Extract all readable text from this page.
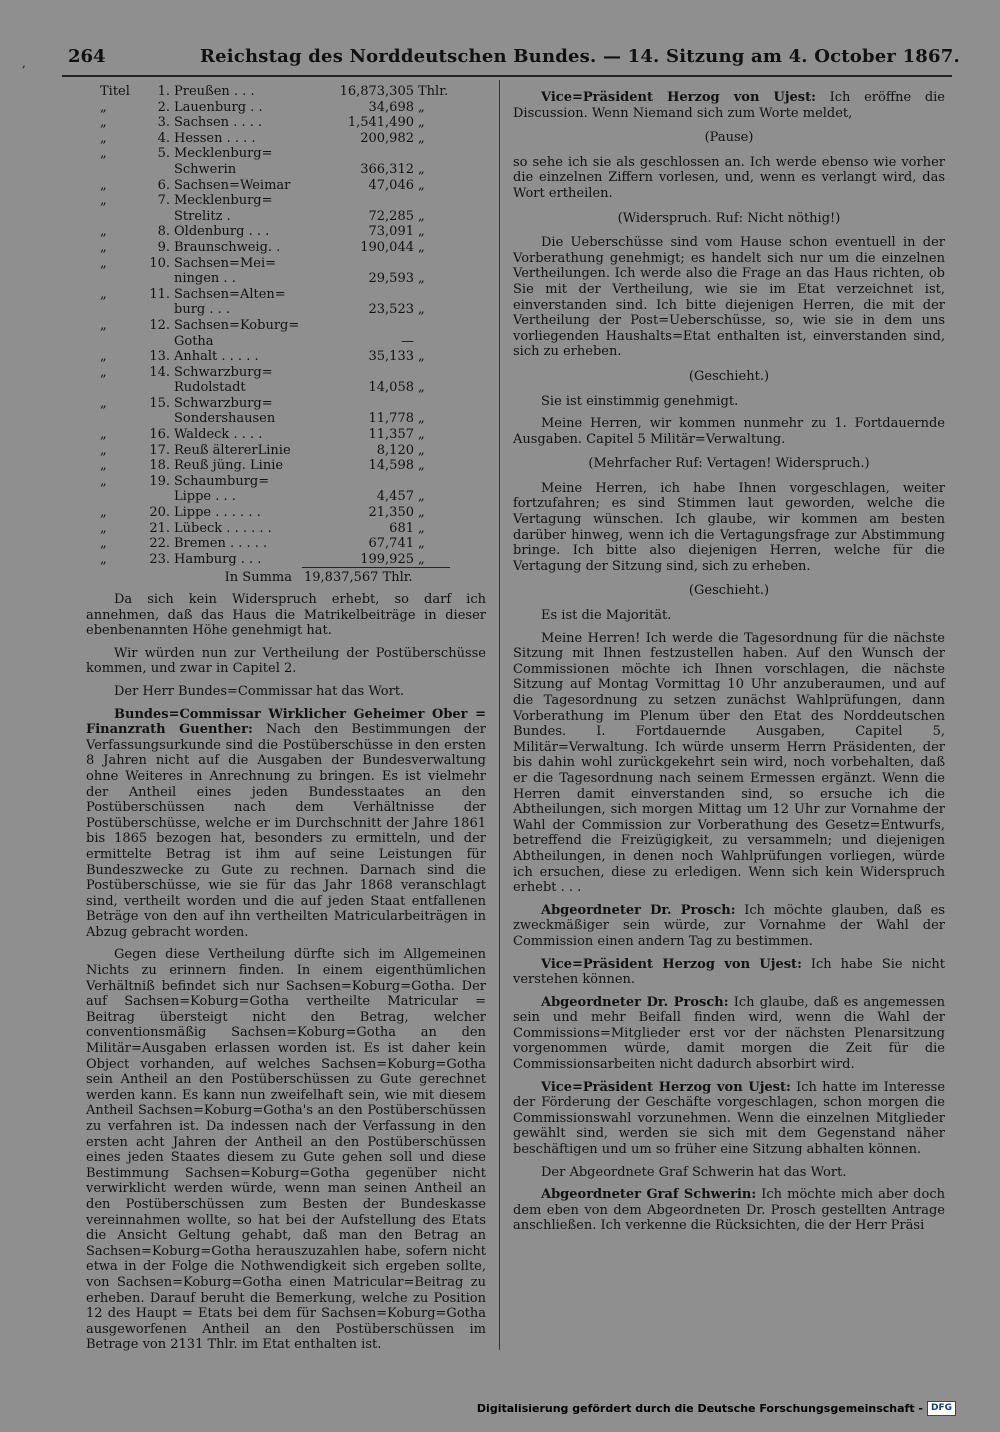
, 264	Reichstag des Norddeutschen Bundes. — 14. Sitzung am 4. October 1867.
Titel	1.	Preußen . . .	16,873,305	Thlr.
„	2.	Lauenburg . .	34,698	„
„	3.	Sachsen . . . .	1,541,490	„
„	4.	Hessen . . . .	200,982	„
„	5.	Mecklenburg=		
		Schwerin	366,312	„
„	6.	Sachsen=Weimar	47,046	„
„	7.	Mecklenburg=		
		Strelitz .	72,285	„
„	8.	Oldenburg . . .	73,091	„
„	9.	Braunschweig. .	190,044	„
„	10.	Sachsen=Mei=		
		ningen . .	29,593	„
„	11.	Sachsen=Alten=		
		burg . . .	23,523	„
„	12.	Sachsen=Koburg=		
		Gotha	—	
„	13.	Anhalt . . . . .	35,133	„
„	14.	Schwarzburg=		
		Rudolstadt	14,058	„
„	15.	Schwarzburg=		
		Sondershausen	11,778	„
„	16.	Waldeck . . . .	11,357	„
„	17.	Reuß ältererLinie	8,120	„
„	18.	Reuß jüng. Linie	14,598	„
„	19.	Schaumburg=		
		Lippe . . .	4,457	„
„	20.	Lippe . . . . . .	21,350	„
„	21.	Lübeck . . . . . .	681	„
„	22.	Bremen . . . . .	67,741	„
„	23.	Hamburg . . .	199,925	„
		In Summa	19,837,567 Thlr.	

Da sich kein Widerspruch erhebt, so darf ich annehmen, daß das Haus die Matrikelbeiträge in dieser ebenbenannten Höhe genehmigt hat.

Wir würden nun zur Vertheilung der Postüberschüsse kommen, und zwar in Capitel 2.

Der Herr Bundes=Commissar hat das Wort.

Bundes=Commissar Wirklicher Geheimer Ober = Finanzrath Guenther: Nach den Bestimmungen der Verfassungsurkunde sind die Postüberschüsse in den ersten 8 Jahren nicht auf die Ausgaben der Bundesverwaltung ohne Weiteres in Anrechnung zu bringen. Es ist vielmehr der Antheil eines jeden Bundesstaates an den Postüberschüssen nach dem Verhältnisse der Postüberschüsse, welche er im Durchschnitt der Jahre 1861 bis 1865 bezogen hat, besonders zu ermitteln, und der ermittelte Betrag ist ihm auf seine Leistungen für Bundeszwecke zu Gute zu rechnen. Darnach sind die Postüberschüsse, wie sie für das Jahr 1868 veranschlagt sind, vertheilt worden und die auf jeden Staat entfallenen Beträge von den auf ihn vertheilten Matricularbeiträgen in Abzug gebracht worden.

Gegen diese Vertheilung dürfte sich im Allgemeinen Nichts zu erinnern finden. In einem eigenthümlichen Verhältniß befindet sich nur Sachsen=Koburg=Gotha. Der auf Sachsen=Koburg=Gotha vertheilte Matricular = Beitrag übersteigt nicht den Betrag, welcher conventionsmäßig Sachsen=Koburg=Gotha an den Militär=Ausgaben erlassen worden ist. Es ist daher kein Object vorhanden, auf welches Sachsen=Koburg=Gotha sein Antheil an den Postüberschüssen zu Gute gerechnet werden kann. Es kann nun zweifelhaft sein, wie mit diesem Antheil Sachsen=Koburg=Gotha's an den Postüberschüssen zu verfahren ist. Da indessen nach der Verfassung in den ersten acht Jahren der Antheil an den Postüberschüssen eines jeden Staates diesem zu Gute gehen soll und diese Bestimmung Sachsen=Koburg=Gotha gegenüber nicht verwirklicht werden würde, wenn man seinen Antheil an den Postüberschüssen zum Besten der Bundeskasse vereinnahmen wollte, so hat bei der Aufstellung des Etats die Ansicht Geltung gehabt, daß man den Betrag an Sachsen=Koburg=Gotha herauszuzahlen habe, sofern nicht etwa in der Folge die Nothwendigkeit sich ergeben sollte, von Sachsen=Koburg=Gotha einen Matricular=Beitrag zu erheben. Darauf beruht die Bemerkung, welche zu Position 12 des Haupt = Etats bei dem für Sachsen=Koburg=Gotha ausgeworfenen Antheil an den Postüberschüssen im Betrage von 2131 Thlr. im Etat enthalten ist.

Vice=Präsident Herzog von Ujest: Ich eröffne die Discussion. Wenn Niemand sich zum Worte meldet,

(Pause)

so sehe ich sie als geschlossen an. Ich werde ebenso wie vorher die einzelnen Ziffern vorlesen, und, wenn es verlangt wird, das Wort ertheilen.

(Widerspruch. Ruf: Nicht nöthig!)

Die Ueberschüsse sind vom Hause schon eventuell in der Vorberathung genehmigt; es handelt sich nur um die einzelnen Vertheilungen. Ich werde also die Frage an das Haus richten, ob Sie mit der Vertheilung, wie sie im Etat verzeichnet ist, einverstanden sind. Ich bitte diejenigen Herren, die mit der Vertheilung der Post=Ueberschüsse, so, wie sie in dem uns vorliegenden Haushalts=Etat enthalten ist, einverstanden sind, sich zu erheben.

(Geschieht.)

Sie ist einstimmig genehmigt.

Meine Herren, wir kommen nunmehr zu 1. Fortdauernde Ausgaben. Capitel 5 Militär=Verwaltung.

(Mehrfacher Ruf: Vertagen! Widerspruch.)

Meine Herren, ich habe Ihnen vorgeschlagen, weiter fortzufahren; es sind Stimmen laut geworden, welche die Vertagung wünschen. Ich glaube, wir kommen am besten darüber hinweg, wenn ich die Vertagungsfrage zur Abstimmung bringe. Ich bitte also diejenigen Herren, welche für die Vertagung der Sitzung sind, sich zu erheben.

(Geschieht.)

Es ist die Majorität.

Meine Herren! Ich werde die Tagesordnung für die nächste Sitzung mit Ihnen festzustellen haben. Auf den Wunsch der Commissionen möchte ich Ihnen vorschlagen, die nächste Sitzung auf Montag Vormittag 10 Uhr anzuberaumen, und auf die Tagesordnung zu setzen zunächst Wahlprüfungen, dann Vorberathung im Plenum über den Etat des Norddeutschen Bundes. I. Fortdauernde Ausgaben, Capitel 5, Militär=Verwaltung. Ich würde unserm Herrn Präsidenten, der bis dahin wohl zurückgekehrt sein wird, noch vorbehalten, daß er die Tagesordnung nach seinem Ermessen ergänzt. Wenn die Herren damit einverstanden sind, so ersuche ich die Abtheilungen, sich morgen Mittag um 12 Uhr zur Vornahme der Wahl der Commission zur Vorberathung des Gesetz=Entwurfs, betreffend die Freizügigkeit, zu versammeln; und diejenigen Abtheilungen, in denen noch Wahlprüfungen vorliegen, würde ich ersuchen, diese zu erledigen. Wenn sich kein Widerspruch erhebt . . .

Abgeordneter Dr. Prosch: Ich möchte glauben, daß es zweckmäßiger sein würde, zur Vornahme der Wahl der Commission einen andern Tag zu bestimmen.

Vice=Präsident Herzog von Ujest: Ich habe Sie nicht verstehen können.

Abgeordneter Dr. Prosch: Ich glaube, daß es angemessen sein und mehr Beifall finden wird, wenn die Wahl der Commissions=Mitglieder erst vor der nächsten Plenarsitzung vorgenommen würde, damit morgen die Zeit für die Commissionsarbeiten nicht dadurch absorbirt wird.

Vice=Präsident Herzog von Ujest: Ich hatte im Interesse der Förderung der Geschäfte vorgeschlagen, schon morgen die Commissionswahl vorzunehmen. Wenn die einzelnen Mitglieder gewählt sind, werden sie sich mit dem Gegenstand näher beschäftigen und um so früher eine Sitzung abhalten können.

Der Abgeordnete Graf Schwerin hat das Wort.

Abgeordneter Graf Schwerin: Ich möchte mich aber doch dem eben von dem Abgeordneten Dr. Prosch gestellten Antrage anschließen. Ich verkenne die Rücksichten, die der Herr Präsi

Digitalisierung gefördert durch die Deutsche Forschungsgemeinschaft - DFG
